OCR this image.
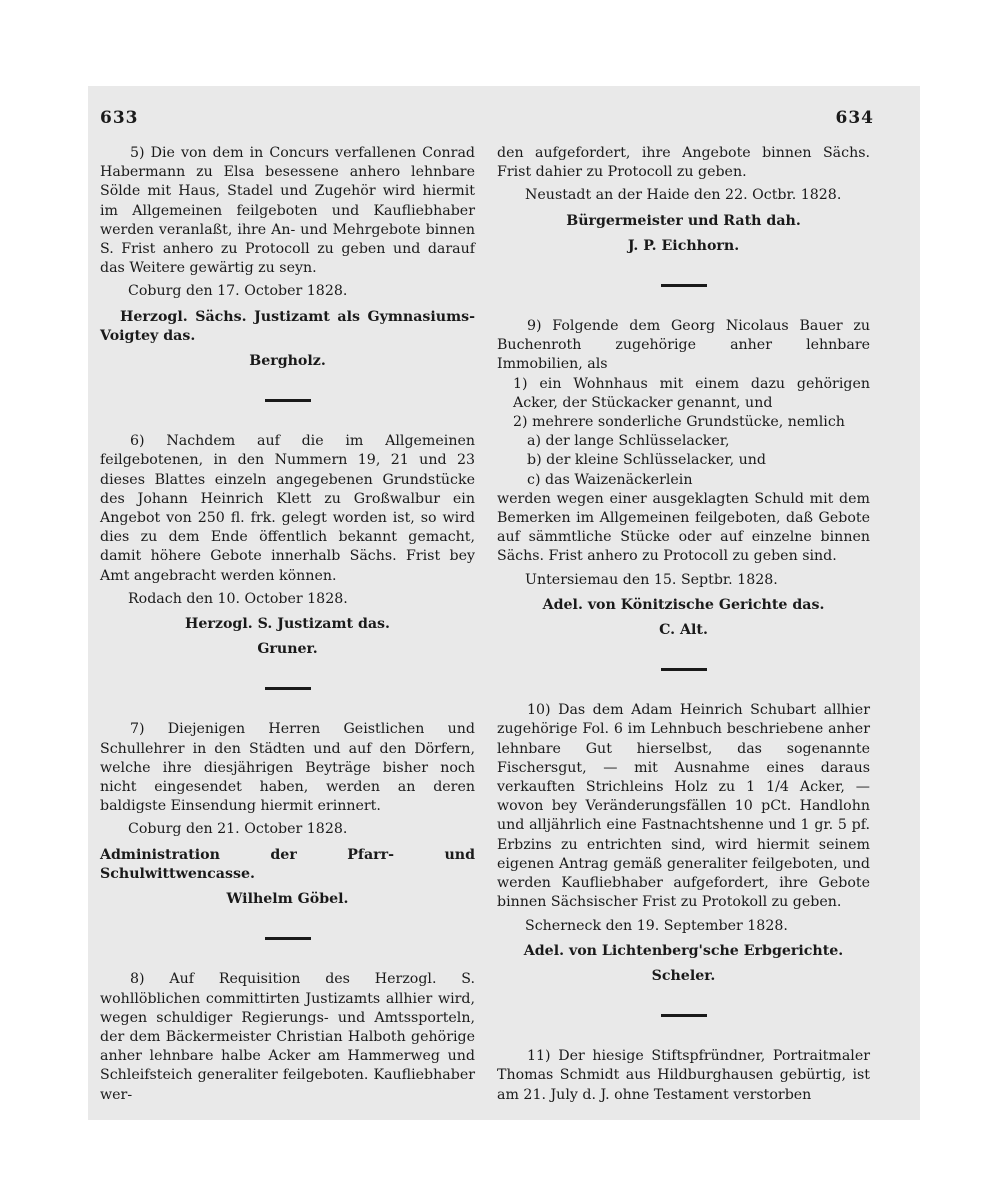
633	634

5) Die von dem in Concurs verfallenen Conrad Habermann zu Elsa besessene anhero lehnbare Sölde mit Haus, Stadel und Zugehör wird hiermit im Allgemeinen feilgeboten und Kaufliebhaber werden veranlaßt, ihre An- und Mehrgebote binnen S. Frist anhero zu Protocoll zu geben und darauf das Weitere gewärtig zu seyn.

Coburg den 17. October 1828.

Herzogl. Sächs. Justizamt als Gymnasiums-Voigtey das.

Bergholz.

6) Nachdem auf die im Allgemeinen feilgebotenen, in den Nummern 19, 21 und 23 dieses Blattes einzeln angegebenen Grundstücke des Johann Heinrich Klett zu Großwalbur ein Angebot von 250 fl. frk. gelegt worden ist, so wird dies zu dem Ende öffentlich bekannt gemacht, damit höhere Gebote innerhalb Sächs. Frist bey Amt angebracht werden können.

Rodach den 10. October 1828.

Herzogl. S. Justizamt das.

Gruner.

7) Diejenigen Herren Geistlichen und Schullehrer in den Städten und auf den Dörfern, welche ihre diesjährigen Beyträge bisher noch nicht eingesendet haben, werden an deren baldigste Einsendung hiermit erinnert.

Coburg den 21. October 1828.

Administration der Pfarr- und Schulwittwencasse.

Wilhelm Göbel.

8) Auf Requisition des Herzogl. S. wohllöblichen committirten Justizamts allhier wird, wegen schuldiger Regierungs- und Amtssporteln, der dem Bäckermeister Christian Halboth gehörige anher lehnbare halbe Acker am Hammerweg und Schleifsteich generaliter feilgeboten. Kaufliebhaber wer-

den aufgefordert, ihre Angebote binnen Sächs. Frist dahier zu Protocoll zu geben.

Neustadt an der Haide den 22. Octbr. 1828.

Bürgermeister und Rath dah.

J. P. Eichhorn.

9) Folgende dem Georg Nicolaus Bauer zu Buchenroth zugehörige anher lehnbare Immobilien, als

1) ein Wohnhaus mit einem dazu gehörigen Acker, der Stückacker genannt, und

2) mehrere sonderliche Grundstücke, nemlich

a) der lange Schlüsselacker,

b) der kleine Schlüsselacker, und

c) das Waizenäckerlein

werden wegen einer ausgeklagten Schuld mit dem Bemerken im Allgemeinen feilgeboten, daß Gebote auf sämmtliche Stücke oder auf einzelne binnen Sächs. Frist anhero zu Protocoll zu geben sind.

Untersiemau den 15. Septbr. 1828.

Adel. von Könitzische Gerichte das.

C. Alt.

10) Das dem Adam Heinrich Schubart allhier zugehörige Fol. 6 im Lehnbuch beschriebene anher lehnbare Gut hierselbst, das sogenannte Fischersgut, — mit Ausnahme eines daraus verkauften Strichleins Holz zu 1 1/4 Acker, — wovon bey Veränderungsfällen 10 pCt. Handlohn und alljährlich eine Fastnachtshenne und 1 gr. 5 pf. Erbzins zu entrichten sind, wird hiermit seinem eigenen Antrag gemäß generaliter feilgeboten, und werden Kaufliebhaber aufgefordert, ihre Gebote binnen Sächsischer Frist zu Protokoll zu geben.

Scherneck den 19. September 1828.

Adel. von Lichtenberg'sche Erbgerichte.

Scheler.

11) Der hiesige Stiftspfründner, Portraitmaler Thomas Schmidt aus Hildburghausen gebürtig, ist am 21. July d. J. ohne Testament verstorben
